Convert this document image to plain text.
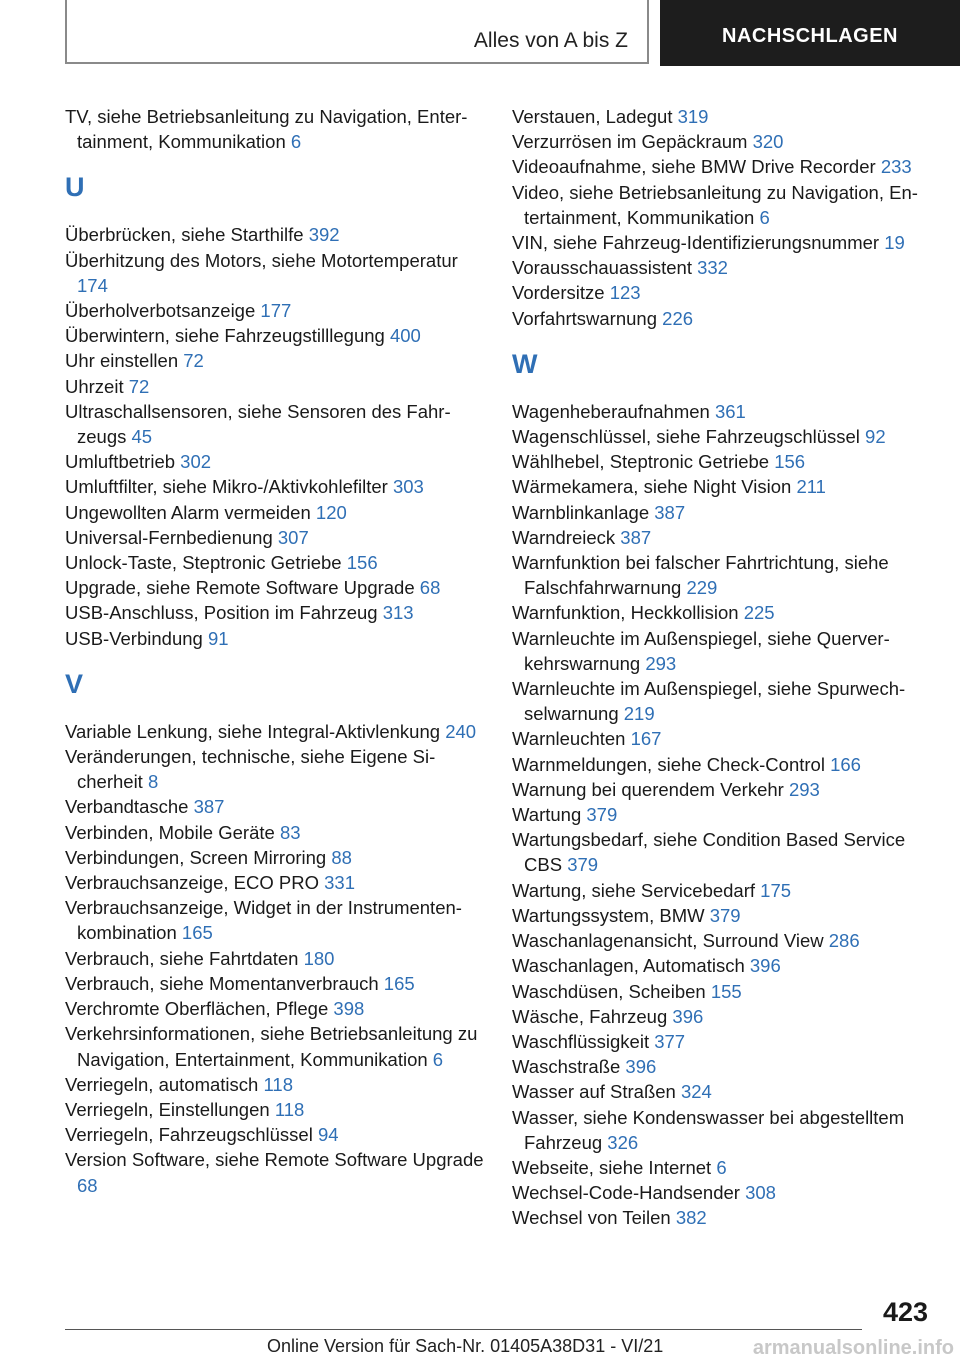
Alles von A bis Z	NACHSCHLAGEN

TV, siehe Betriebsanleitung zu Navigation, Entertainment, Kommunikation 6

U

Überbrücken, siehe Starthilfe 392

Überhitzung des Motors, siehe Motortemperatur 174

Überholverbotsanzeige 177

Überwintern, siehe Fahrzeugstilllegung 400

Uhr einstellen 72

Uhrzeit 72

Ultraschallsensoren, siehe Sensoren des Fahrzeugs 45

Umluftbetrieb 302

Umluftfilter, siehe Mikro-/Aktivkohlefilter 303

Ungewollten Alarm vermeiden 120

Universal-Fernbedienung 307

Unlock-Taste, Steptronic Getriebe 156

Upgrade, siehe Remote Software Upgrade 68

USB-Anschluss, Position im Fahrzeug 313

USB-Verbindung 91

V

Variable Lenkung, siehe Integral-Aktivlenkung 240

Veränderungen, technische, siehe Eigene Sicherheit 8

Verbandtasche 387

Verbinden, Mobile Geräte 83

Verbindungen, Screen Mirroring 88

Verbrauchsanzeige, ECO PRO 331

Verbrauchsanzeige, Widget in der Instrumentenkombination 165

Verbrauch, siehe Fahrtdaten 180

Verbrauch, siehe Momentanverbrauch 165

Verchromte Oberflächen, Pflege 398

Verkehrsinformationen, siehe Betriebsanleitung zu Navigation, Entertainment, Kommunikation 6

Verriegeln, automatisch 118

Verriegeln, Einstellungen 118

Verriegeln, Fahrzeugschlüssel 94

Version Software, siehe Remote Software Upgrade 68

Verstauen, Ladegut 319

Verzurrösen im Gepäckraum 320

Videoaufnahme, siehe BMW Drive Recorder 233

Video, siehe Betriebsanleitung zu Navigation, Entertainment, Kommunikation 6

VIN, siehe Fahrzeug-Identifizierungsnummer 19

Vorausschauassistent 332

Vordersitze 123

Vorfahrtswarnung 226

W

Wagenheberaufnahmen 361

Wagenschlüssel, siehe Fahrzeugschlüssel 92

Wählhebel, Steptronic Getriebe 156

Wärmekamera, siehe Night Vision 211

Warnblinkanlage 387

Warndreieck 387

Warnfunktion bei falscher Fahrtrichtung, siehe Falschfahrwarnung 229

Warnfunktion, Heckkollision 225

Warnleuchte im Außenspiegel, siehe Querverkehrswarnung 293

Warnleuchte im Außenspiegel, siehe Spurwechselwarnung 219

Warnleuchten 167

Warnmeldungen, siehe Check-Control 166

Warnung bei querendem Verkehr 293

Wartung 379

Wartungsbedarf, siehe Condition Based Service CBS 379

Wartung, siehe Servicebedarf 175

Wartungssystem, BMW 379

Waschanlagenansicht, Surround View 286

Waschanlagen, Automatisch 396

Waschdüsen, Scheiben 155

Wäsche, Fahrzeug 396

Waschflüssigkeit 377

Waschstraße 396

Wasser auf Straßen 324

Wasser, siehe Kondenswasser bei abgestelltem Fahrzeug 326

Webseite, siehe Internet 6

Wechsel-Code-Handsender 308

Wechsel von Teilen 382

423
Online Version für Sach-Nr. 01405A38D31 - VI/21	armanualsonline.info
